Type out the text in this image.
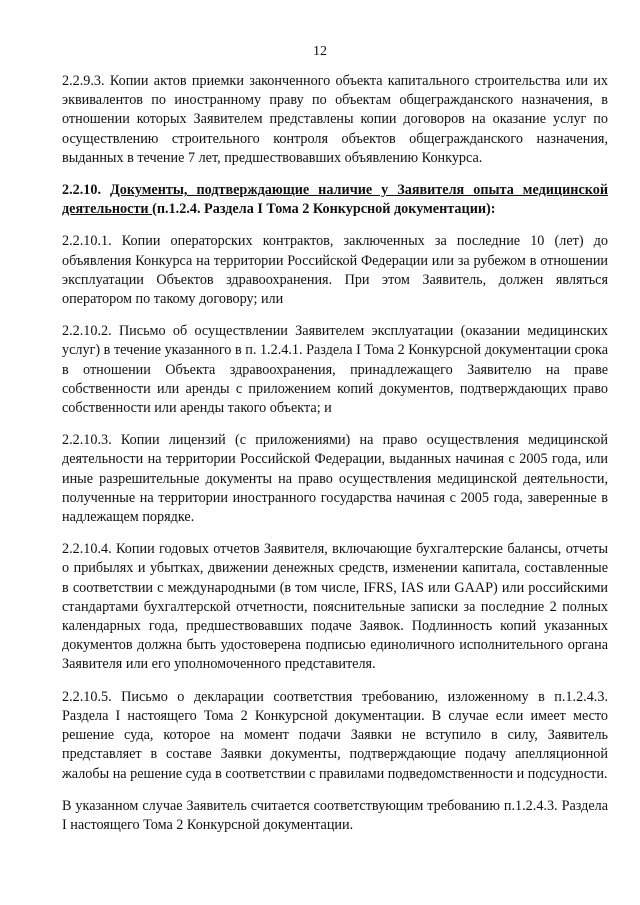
12

2.2.9.3. Копии актов приемки законченного объекта капитального строительства или их эквивалентов по иностранному праву по объектам общегражданского назначения, в отношении которых Заявителем представлены копии договоров на оказание услуг по осуществлению строительного контроля объектов общегражданского назначения, выданных в течение 7 лет, предшествовавших объявлению Конкурса.

2.2.10. Документы, подтверждающие наличие у Заявителя опыта медицинской деятельности (п.1.2.4. Раздела I Тома 2 Конкурсной документации):

2.2.10.1. Копии операторских контрактов, заключенных за последние 10 (лет) до объявления Конкурса на территории Российской Федерации или за рубежом в отношении эксплуатации Объектов здравоохранения. При этом Заявитель, должен являться оператором по такому договору; или

2.2.10.2. Письмо об осуществлении Заявителем эксплуатации (оказании медицинских услуг) в течение указанного в п. 1.2.4.1. Раздела I Тома 2 Конкурсной документации срока в отношении Объекта здравоохранения, принадлежащего Заявителю на праве собственности или аренды с приложением копий документов, подтверждающих право собственности или аренды такого объекта; и

2.2.10.3. Копии лицензий (с приложениями) на право осуществления медицинской деятельности на территории Российской Федерации, выданных начиная с 2005 года, или иные разрешительные документы на право осуществления медицинской деятельности, полученные на территории иностранного государства начиная с 2005 года, заверенные в надлежащем порядке.

2.2.10.4. Копии годовых отчетов Заявителя, включающие бухгалтерские балансы, отчеты о прибылях и убытках, движении денежных средств, изменении капитала, составленные в соответствии с международными (в том числе, IFRS, IAS или GAAP) или российскими стандартами бухгалтерской отчетности, пояснительные записки за последние 2 полных календарных года, предшествовавших подаче Заявок. Подлинность копий указанных документов должна быть удостоверена подписью единоличного исполнительного органа Заявителя или его уполномоченного представителя.

2.2.10.5. Письмо о декларации соответствия требованию, изложенному в п.1.2.4.3. Раздела I настоящего Тома 2 Конкурсной документации. В случае если имеет место решение суда, которое на момент подачи Заявки не вступило в силу, Заявитель представляет в составе Заявки документы, подтверждающие подачу апелляционной жалобы на решение суда в соответствии с правилами подведомственности и подсудности.

В указанном случае Заявитель считается соответствующим требованию п.1.2.4.3. Раздела I настоящего Тома 2 Конкурсной документации.
